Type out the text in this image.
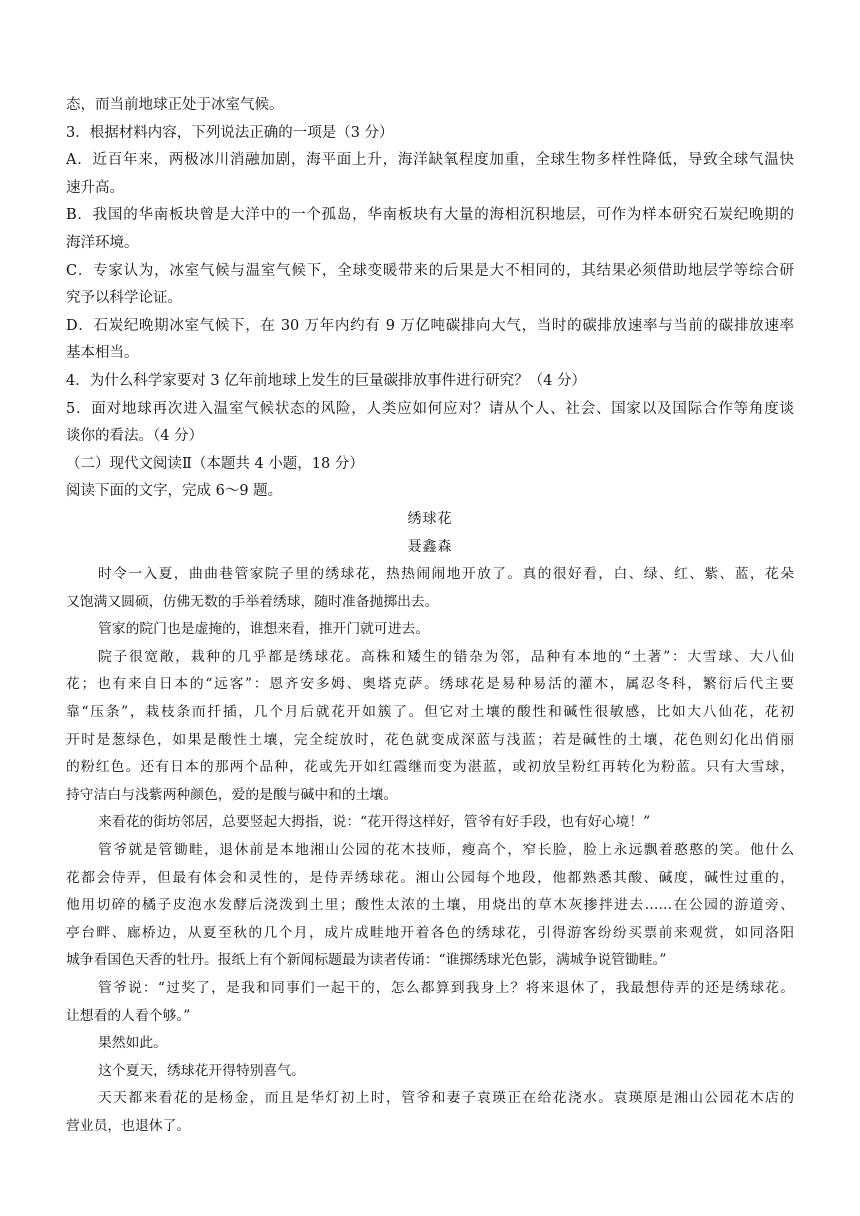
态，而当前地球正处于冰室气候。
3．根据材料内容，下列说法正确的一项是（3 分）
A．近百年来，两极冰川消融加剧，海平面上升，海洋缺氧程度加重，全球生物多样性降低，导致全球气温快
速升高。
B．我国的华南板块曾是大洋中的一个孤岛，华南板块有大量的海相沉积地层，可作为样本研究石炭纪晚期的
海洋环境。
C．专家认为，冰室气候与温室气候下，全球变暖带来的后果是大不相同的，其结果必须借助地层学等综合研
究予以科学论证。
D．石炭纪晚期冰室气候下，在 30 万年内约有 9 万亿吨碳排向大气，当时的碳排放速率与当前的碳排放速率
基本相当。
4．为什么科学家要对 3 亿年前地球上发生的巨量碳排放事件进行研究？（4 分）
5．面对地球再次进入温室气候状态的风险，人类应如何应对？请从个人、社会、国家以及国际合作等角度谈
谈你的看法。（4 分）
（二）现代文阅读Ⅱ（本题共 4 小题，18 分）
阅读下面的文字，完成 6～9 题。
绣球花
聂鑫森
时令一入夏，曲曲巷管家院子里的绣球花，热热闹闹地开放了。真的很好看，白、绿、红、紫、蓝，花朵
又饱满又圆硕，仿佛无数的手举着绣球，随时准备抛掷出去。
管家的院门也是虚掩的，谁想来看，推开门就可进去。
院子很宽敞，栽种的几乎都是绣球花。高株和矮生的错杂为邻，品种有本地的“土著”：大雪球、大八仙
花；也有来自日本的“远客”：恩齐安多姆、奥塔克萨。绣球花是易种易活的灌木，属忍冬科，繁衍后代主要
靠“压条”，栽枝条而扦插，几个月后就花开如簇了。但它对土壤的酸性和碱性很敏感，比如大八仙花，花初
开时是葱绿色，如果是酸性土壤，完全绽放时，花色就变成深蓝与浅蓝；若是碱性的土壤，花色则幻化出俏丽
的粉红色。还有日本的那两个品种，花或先开如红霞继而变为湛蓝，或初放呈粉红再转化为粉蓝。只有大雪球，
持守洁白与浅紫两种颜色，爱的是酸与碱中和的土壤。
来看花的街坊邻居，总要竖起大拇指，说：“花开得这样好，管爷有好手段，也有好心境！”
管爷就是管锄畦，退休前是本地湘山公园的花木技师，瘦高个，窄长脸，脸上永远飘着憨憨的笑。他什么
花都会侍弄，但最有体会和灵性的，是侍弄绣球花。湘山公园每个地段，他都熟悉其酸、碱度，碱性过重的，
他用切碎的橘子皮泡水发酵后浇泼到土里；酸性太浓的土壤，用烧出的草木灰掺拌进去……在公园的游道旁、
亭台畔、廊桥边，从夏至秋的几个月，成片成畦地开着各色的绣球花，引得游客纷纷买票前来观赏，如同洛阳
城争看国色天香的牡丹。报纸上有个新闻标题最为读者传诵：“谁掷绣球光色影，满城争说管锄畦。”
管爷说：“过奖了，是我和同事们一起干的，怎么都算到我身上？将来退休了，我最想侍弄的还是绣球花。
让想看的人看个够。”
果然如此。
这个夏天，绣球花开得特别喜气。
天天都来看花的是杨金，而且是华灯初上时，管爷和妻子袁瑛正在给花浇水。袁瑛原是湘山公园花木店的
营业员，也退休了。
